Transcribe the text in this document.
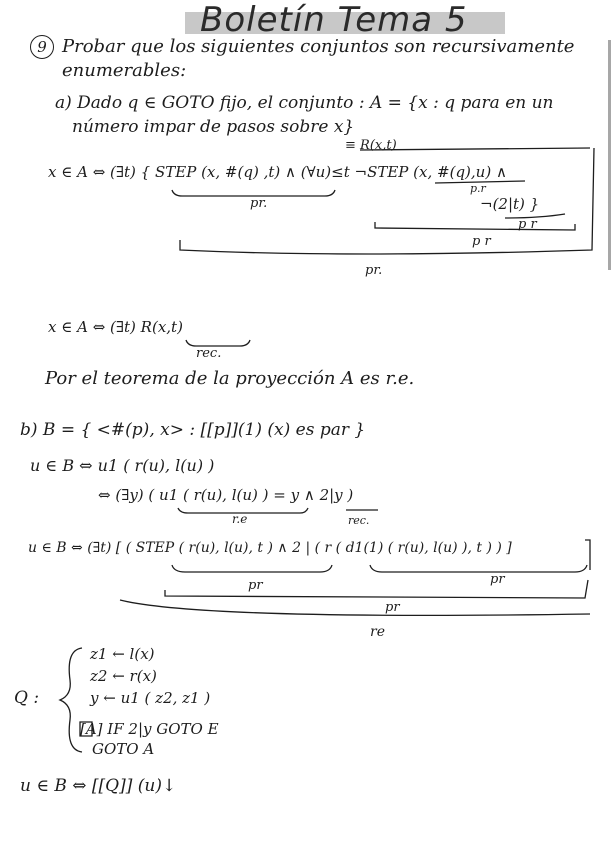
Boletín Tema 5
9 Probar que los siguientes conjuntos son recursivamente
enumerables:
a) Dado q ∈ GOTO fijo, el conjunto : A = {x : q para en un
número impar de pasos sobre x}
≡ R(x,t)
x ∈ A ⇔ (∃t) { STEP (x, #(q) ,t) ∧ (∀u)≤t ¬STEP (x, #(q),u) ∧
pr.
p.r
¬(2|t) }
p r
p r
pr.
x ∈ A ⇔ (∃t) R(x,t)
rec.
Por el teorema de la proyección A es r.e.
b) B = { <#(p), x> : [[p]](1) (x) es par }
u ∈ B ⇔ u1 ( r(u), l(u) )
⇔ (∃y) ( u1 ( r(u), l(u) ) = y ∧ 2|y )
r.e	rec.
u ∈ B ⇔ (∃t) [ ( STEP ( r(u), l(u), t ) ∧ 2 | ( r ( d1(1) ( r(u), l(u) ), t ) ) ]
pr	pr
pr
re
Q :
z1 ← l(x)
z2 ← r(x)
y ← u1 ( z2, z1 )
[A] IF 2|y GOTO E
GOTO A
u ∈ B ⇔ [[Q]] (u)↓
